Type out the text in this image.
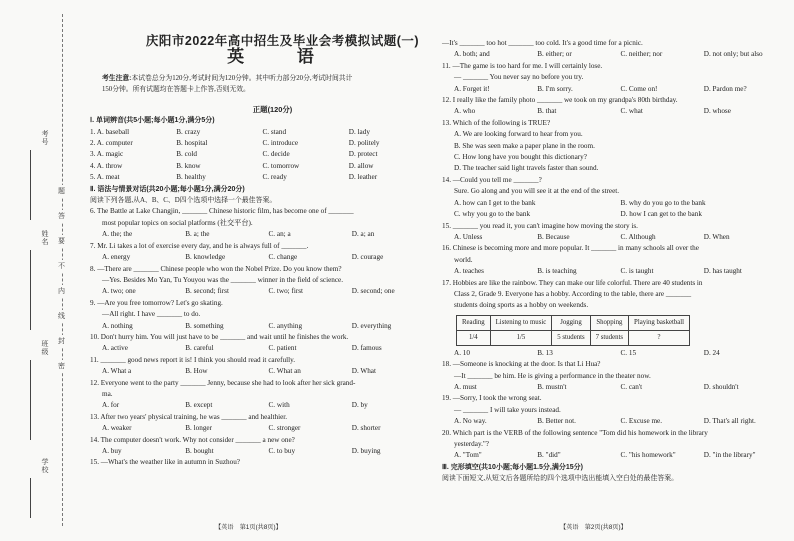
考号
姓名
班级
学校
题
答
要
不
内
线
封
密
庆阳市2022年高中招生及毕业会考模拟试题(一)
英 语
考生注意:本试卷总分为120分,考试时间为120分钟。其中听力部分20分,考试时间共计
150分钟。所有试题均在答题卡上作答,否则无效。
正题(120分)
Ⅰ. 单词辨音(共5小题;每小题1分,满分5分)
1. A. baseball	B. crazy	C. stand	D. lady
2. A. computer	B. hospital	C. introduce	D. politely
3. A. magic	B. cold	C. decide	D. protect
4. A. throw	B. know	C. tomorrow	D. allow
5. A. meat	B. healthy	C. ready	D. leather
Ⅱ. 语法与情景对话(共20小题;每小题1分,满分20分)
阅读下列各题,从A、B、C、D四个选项中选择一个最佳答案。
6. The Battle at Lake Changjin, _______ Chinese historic film, has become one of _______
most popular topics on social platforms (社交平台).
A. the; the	B. a; the	C. an; a	D. a; an
7. Mr. Li takes a lot of exercise every day, and he is always full of _______.
A. energy	B. knowledge	C. change	D. courage
8. —There are _______ Chinese people who won the Nobel Prize. Do you know them?
—Yes. Besides Mo Yan, Tu Youyou was the _______ winner in the field of science.
A. two; one	B. second; first	C. two; first	D. second; one
9. —Are you free tomorrow? Let's go skating.
—All right. I have _______ to do.
A. nothing	B. something	C. anything	D. everything
10. Don't hurry him. You will just have to be _______ and wait until he finishes the work.
A. active	B. careful	C. patient	D. famous
11. _______ good news report it is! I think you should read it carefully.
A. What a	B. How	C. What an	D. What
12. Everyone went to the party _______ Jenny, because she had to look after her sick grand-
ma.
A. for	B. except	C. with	D. by
13. After two years' physical training, he was _______ and healthier.
A. weaker	B. longer	C. stronger	D. shorter
14. The computer doesn't work. Why not consider _______ a new one?
A. buy	B. bought	C. to buy	D. buying
15. —What's the weather like in autumn in Suzhou?
—It's _______ too hot _______ too cold. It's a good time for a picnic.
A. both; and	B. either; or	C. neither; nor	D. not only; but also
11. —The game is too hard for me. I will certainly lose.
— _______ You never say no before you try.
A. Forget it!	B. I'm sorry.	C. Come on!	D. Pardon me?
12. I really like the family photo _______ we took on my grandpa's 80th birthday.
A. who	B. that	C. what	D. whose
13. Which of the following is TRUE?
A. We are looking forward to hear from you.
B. She was seen make a paper plane in the room.
C. How long have you bought this dictionary?
D. The teacher said light travels faster than sound.
14. —Could you tell me _______?
Sure. Go along and you will see it at the end of the street.
A. how can I get to the bank	B. why do you go to the bank
C. why you go to the bank	D. how I can get to the bank
15. _______ you read it, you can't imagine how moving the story is.
A. Unless	B. Because	C. Although	D. When
16. Chinese is becoming more and more popular. It _______ in many schools all over the
world.
A. teaches	B. is teaching	C. is taught	D. has taught
17. Hobbies are like the rainbow. They can make our life colorful. There are 40 students in
Class 2, Grade 9. Everyone has a hobby. According to the table, there are _______
students doing sports as a hobby on weekends.
Reading	Listening to music	Jogging	Shopping	Playing basketball
1/4	1/5	5 students	7 students	?
A. 10	B. 13	C. 15	D. 24
18. —Someone is knocking at the door. Is that Li Hua?
—It _______ be him. He is giving a performance in the theater now.
A. must	B. mustn't	C. can't	D. shouldn't
19. —Sorry, I took the wrong seat.
— _______ I will take yours instead.
A. No way.	B. Better not.	C. Excuse me.	D. That's all right.
20. Which part is the VERB of the following sentence "Tom did his homework in the library
yesterday."?
A. "Tom"	B. "did"	C. "his homework"	D. "in the library"
Ⅲ. 完形填空(共10小题;每小题1.5分,满分15分)
阅读下面短文,从短文后各题所给的四个选项中选出能填入空白处的最佳答案。
【英语　第1页(共8页)】	【英语　第2页(共8页)】
